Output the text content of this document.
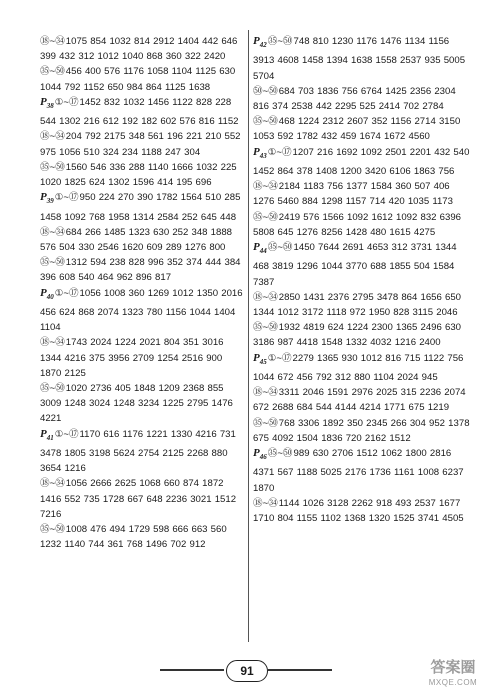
⑱~㉞1075 854 1032 814 2912 1404 442 646 399 432 312 1012 1040 868 360 322 2420
㉟~㊿456 400 576 1176 1058 1104 1125 630 1044 792 1152 650 984 864 1125 1638
$P_{38}①\sim ⑰1452$ 832 1032 1456 1122 828 228 544 1302 216 612 192 182 602 576 816 1152
⑱~㉞204 792 2175 348 561 196 221 210 552 975 1056 510 324 234 1188 247 304
㉟~㊿1560 546 336 288 1140 1666 1032 225 1020 1825 624 1302 1596 414 195 696
$P_{39}①\sim ⑰950$ 224 270 390 1782 1564 510 285 1458 1092 768 1958 1314 2584 252 645 448
⑱~㉞684 266 1485 1323 630 252 348 1888 576 504 330 2546 1620 609 289 1276 800
㉟~㊿1312 594 238 828 996 352 374 444 384 396 608 540 464 962 896 817
$P_{40}①\sim ⑰1056$ 1008 360 1269 1012 1350 2016 456 624 868 2074 1323 780 1156 1044 1404 1104
⑱~㉞1743 2024 1224 2021 804 351 3016 1344 4216 375 3956 2709 1254 2516 900 1870 2125
㉟~㊿1020 2736 405 1848 1209 2368 855 3009 1248 3024 1248 3234 1225 2795 1476 4221
$P_{41}①\sim ⑰1170$ 616 1176 1221 1330 4216 731 3478 1805 3198 5624 2754 2125 2268 880 3654 1216
⑱~㉞1056 2666 2625 1068 660 874 1872 1416 552 735 1728 667 648 2236 3021 1512 7216
㉟~㊿1008 476 494 1729 598 666 663 560 1232 1140 744 361 768 1496 702 912
$P_{42}㉟\sim ㊿748$ 810 1230 1176 1476 1134 1156 3913 4608 1458 1394 1638 1558 2537 935 5005 5704
㊿~㊿684 703 1836 756 6764 1425 2356 2304 816 374 2538 442 2295 525 2414 702 2784
㉟~㊿468 1224 2312 2607 352 1156 2714 3150 1053 592 1782 432 459 1674 1672 4560
$P_{43}①\sim ⑰1207$ 216 1692 1092 2501 2201 432 540 1452 864 378 1408 1200 3420 6106 1863 756
⑱~㉞2184 1183 756 1377 1584 360 507 406 1276 5460 884 1298 1157 714 420 1035 1173
㉟~㊿2419 576 1566 1092 1612 1092 832 6396 5808 645 1276 8256 1428 480 1615 4275
$P_{44}㉟\sim ㊿1450$ 7644 2691 4653 312 3731 1344 468 3819 1296 1044 3770 688 1855 504 1584 7387
⑱~㉞2850 1431 2376 2795 3478 864 1656 650 1344 1012 3172 1118 972 1950 828 3115 2046
㉟~㊿1932 4819 624 1224 2300 1365 2496 630 3186 987 4418 1548 1332 4032 1216 2400
$P_{45}①\sim ⑰2279$ 1365 930 1012 816 715 1122 756 1044 672 456 792 312 880 1104 2024 945
⑱~㉞3311 2046 1591 2976 2025 315 2236 2074 672 2688 684 544 4144 4214 1771 675 1219
㉟~㊿768 3306 1892 350 2345 266 304 952 1378 675 4092 1504 1836 720 2162 1512
$P_{46}㉟\sim ㊿989$ 630 2706 1512 1062 1800 2816 4371 567 1188 5025 2176 1736 1161 1008 6237 1870
⑱~㉞1144 1026 3128 2262 918 493 2537 1677 1710 804 1155 1102 1368 1320 1525 3741 4505
91	答案圈
MXQE.COM
